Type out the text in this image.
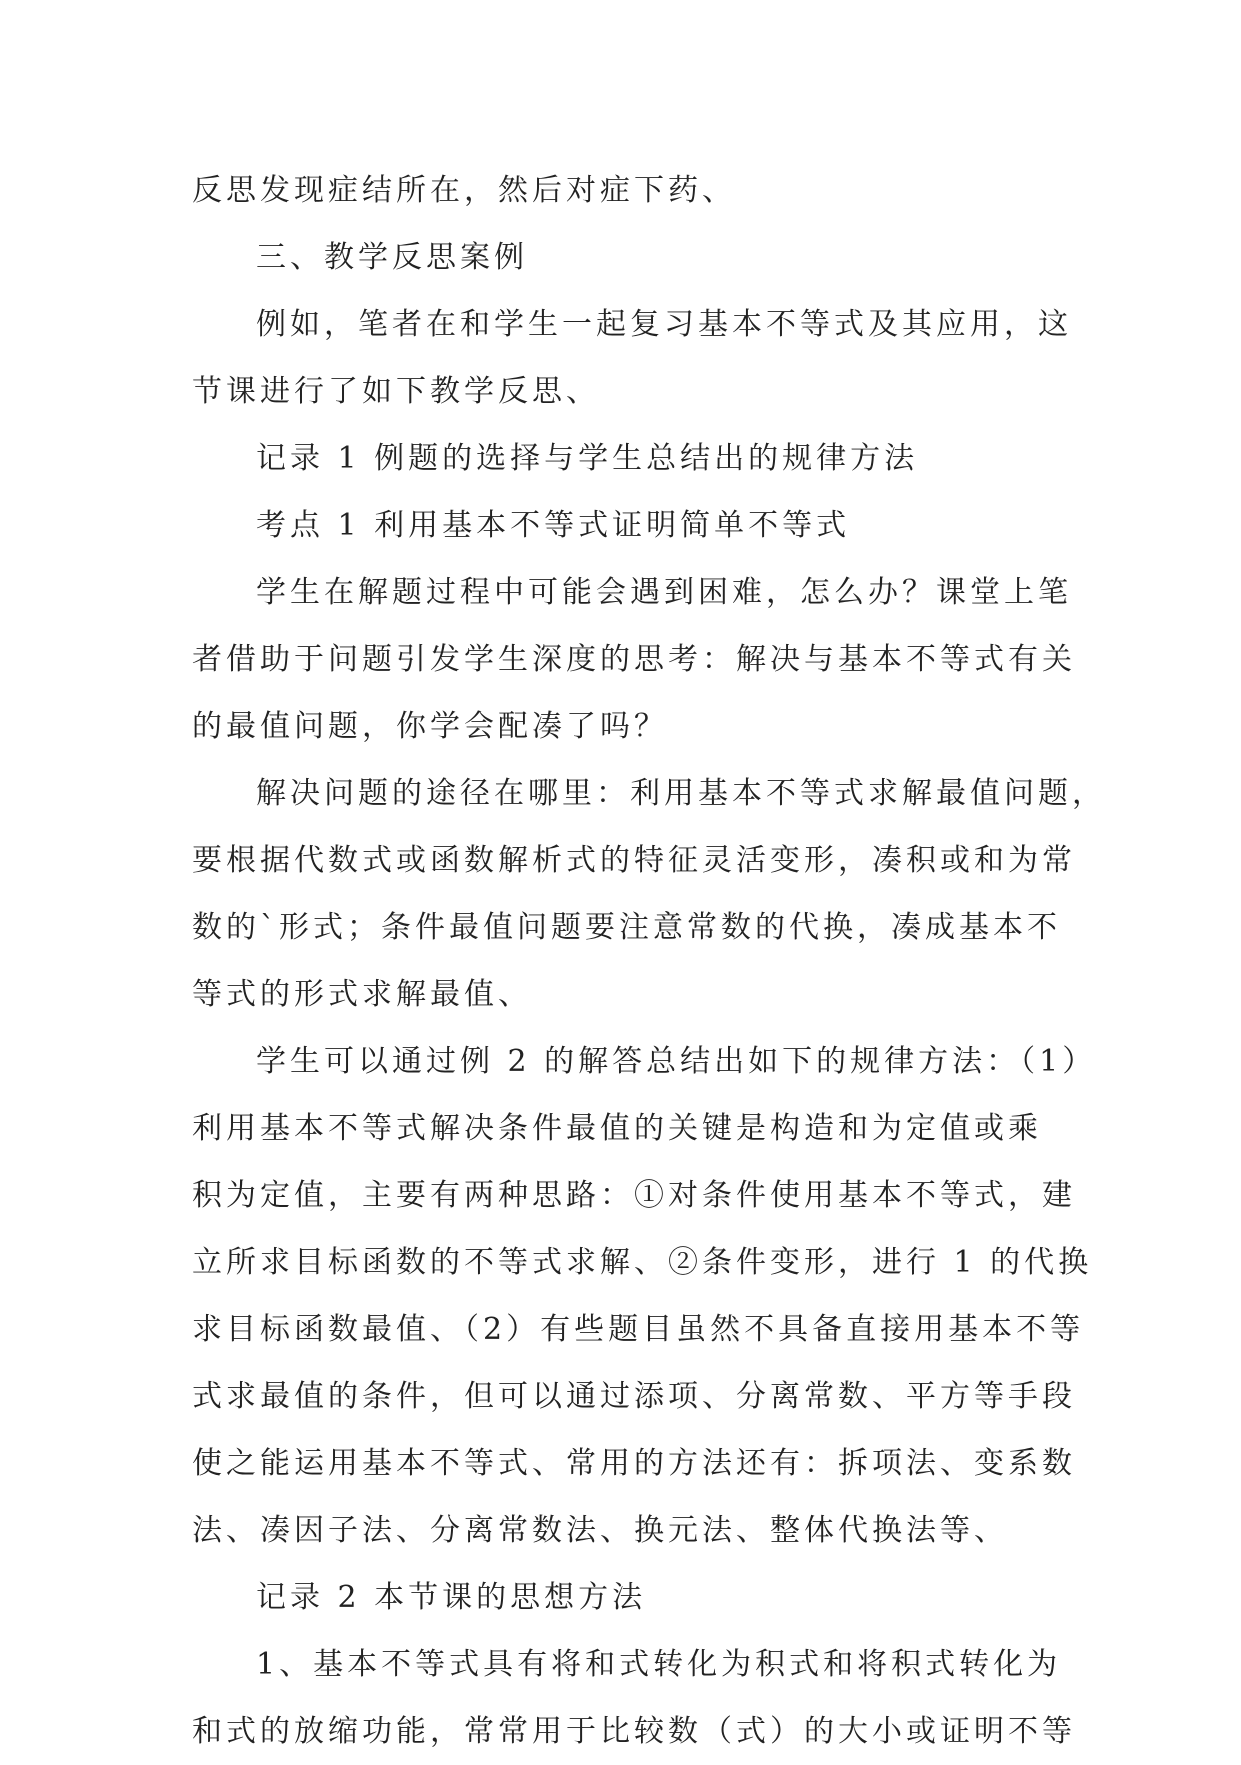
反思发现症结所在，然后对症下药、
三、教学反思案例
例如，笔者在和学生一起复习基本不等式及其应用，这
节课进行了如下教学反思、
记录 1 例题的选择与学生总结出的规律方法
考点 1 利用基本不等式证明简单不等式
学生在解题过程中可能会遇到困难，怎么办？课堂上笔
者借助于问题引发学生深度的思考：解决与基本不等式有关
的最值问题，你学会配凑了吗？
解决问题的途径在哪里：利用基本不等式求解最值问题，
要根据代数式或函数解析式的特征灵活变形，凑积或和为常
数的`形式；条件最值问题要注意常数的代换，凑成基本不
等式的形式求解最值、
学生可以通过例 2 的解答总结出如下的规律方法：（1）
利用基本不等式解决条件最值的关键是构造和为定值或乘
积为定值，主要有两种思路：①对条件使用基本不等式，建
立所求目标函数的不等式求解、②条件变形，进行 1 的代换
求目标函数最值、（2）有些题目虽然不具备直接用基本不等
式求最值的条件，但可以通过添项、分离常数、平方等手段
使之能运用基本不等式、常用的方法还有：拆项法、变系数
法、凑因子法、分离常数法、换元法、整体代换法等、
记录 2 本节课的思想方法
1、基本不等式具有将和式转化为积式和将积式转化为
和式的放缩功能，常常用于比较数（式）的大小或证明不等
